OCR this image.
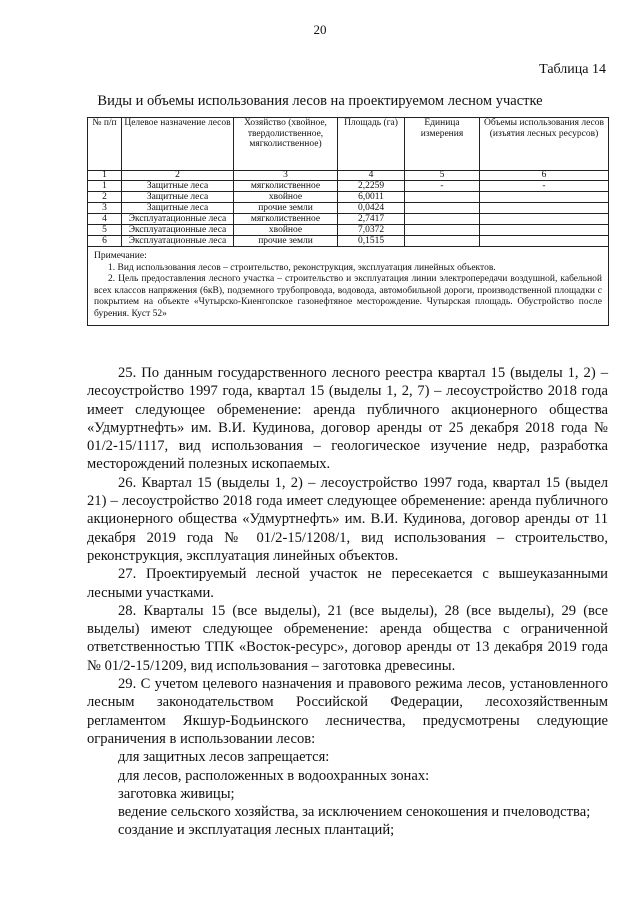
20
Таблица 14
Виды и объемы использования лесов на проектируемом лесном участке
№ п/п	Целевое назначение лесов	Хозяйство (хвойное, твердолиственное, мягколиственное)	Площадь (га)	Единица измерения	Объемы использования лесов (изъятия лесных ресурсов)
1	2	3	4	5	6
1	Защитные леса	мягколиственное	2,2259	-	-
2	Защитные леса	хвойное	6,0011		
3	Защитные леса	прочие земли	0,0424		
4	Эксплуатационные леса	мягколиственное	2,7417		
5	Эксплуатационные леса	хвойное	7,0372		
6	Эксплуатационные леса	прочие земли	0,1515		

Примечание:
1. Вид использования лесов – строительство, реконструкция, эксплуатация линейных объектов.
2. Цель предоставления лесного участка – строительство и эксплуатация линии электропередачи воздушной, кабельной всех классов напряжения (6кВ), подземного трубопровода, водовода, автомобильной дороги, производственной площадки с покрытием на объекте «Чутырско-Киенгопское газонефтяное месторождение. Чутырская площадь. Обустройство после бурения. Куст 52»					

25. По данным государственного лесного реестра квартал 15 (выделы 1, 2) – лесоустройство 1997 года, квартал 15 (выделы 1, 2, 7) – лесоустройство 2018 года имеет следующее обременение: аренда публичного акционерного общества «Удмуртнефть» им. В.И. Кудинова, договор аренды от 25 декабря 2018 года № 01/2-15/1117, вид использования – геологическое изучение недр, разработка месторождений полезных ископаемых.

26. Квартал 15 (выделы 1, 2) – лесоустройство 1997 года, квартал 15 (выдел 21) – лесоустройство 2018 года имеет следующее обременение: аренда публичного акционерного общества «Удмуртнефть» им. В.И. Кудинова, договор аренды от 11 декабря 2019 года № 01/2-15/1208/1, вид использования – строительство, реконструкция, эксплуатация линейных объектов.

27. Проектируемый лесной участок не пересекается с вышеуказанными лесными участками.

28. Кварталы 15 (все выделы), 21 (все выделы), 28 (все выделы), 29 (все выделы) имеют следующее обременение: аренда общества с ограниченной ответственностью ТПК «Восток-ресурс», договор аренды от 13 декабря 2019 года № 01/2-15/1209, вид использования – заготовка древесины.

29. С учетом целевого назначения и правового режима лесов, установленного лесным законодательством Российской Федерации, лесохозяйственным регламентом Якшур-Бодьинского лесничества, предусмотрены следующие ограничения в использовании лесов:

для защитных лесов запрещается:

для лесов, расположенных в водоохранных зонах:

заготовка живицы;

ведение сельского хозяйства, за исключением сенокошения и пчеловодства;

создание и эксплуатация лесных плантаций;
